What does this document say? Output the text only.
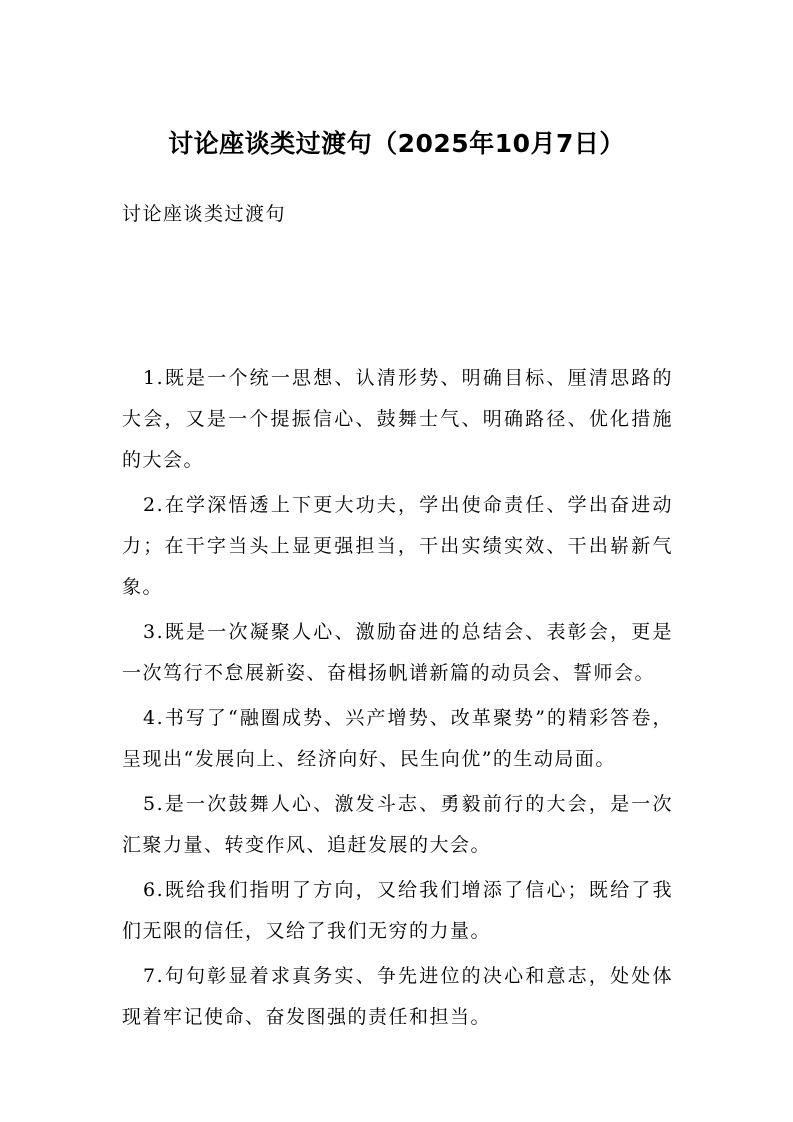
讨论座谈类过渡句（2025年10月7日）
讨论座谈类过渡句

1.既是一个统一思想、认清形势、明确目标、厘清思路的大会，又是一个提振信心、鼓舞士气、明确路径、优化措施的大会。

2.在学深悟透上下更大功夫，学出使命责任、学出奋进动力；在干字当头上显更强担当，干出实绩实效、干出崭新气象。

3.既是一次凝聚人心、激励奋进的总结会、表彰会，更是一次笃行不怠展新姿、奋楫扬帆谱新篇的动员会、誓师会。

4.书写了“融圈成势、兴产增势、改革聚势”的精彩答卷，呈现出“发展向上、经济向好、民生向优”的生动局面。

5.是一次鼓舞人心、激发斗志、勇毅前行的大会，是一次汇聚力量、转变作风、追赶发展的大会。

6.既给我们指明了方向，又给我们增添了信心；既给了我们无限的信任，又给了我们无穷的力量。

7.句句彰显着求真务实、争先进位的决心和意志，处处体现着牢记使命、奋发图强的责任和担当。
